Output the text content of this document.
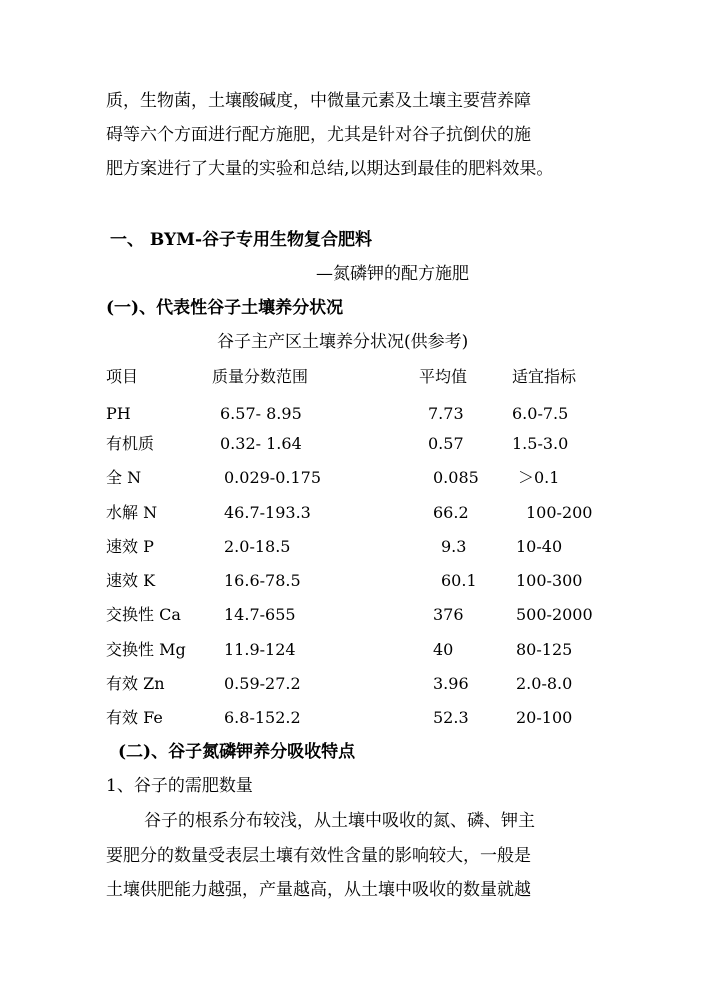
质，生物菌，土壤酸碱度，中微量元素及土壤主要营养障
碍等六个方面进行配方施肥，尤其是针对谷子抗倒伏的施
肥方案进行了大量的实验和总结,以期达到最佳的肥料效果。
一、 BYM-谷子专用生物复合肥料
—氮磷钾的配方施肥
(一)、代表性谷子土壤养分状况
谷子主产区土壤养分状况(供参考)
项目	质量分数范围	平均值	适宜指标
PH	6.57- 8.95	7.73	6.0-7.5
有机质	0.32- 1.64	0.57	1.5-3.0
全 N	0.029-0.175	0.085 ＞0.1
水解 N	46.7-193.3	66.2	100-200
速效 P	2.0-18.5	9.3	10-40
速效 K	16.6-78.5	60.1 100-300
交换性 Ca	14.7-655	376	500-2000
交换性 Mg 11.9-124	40	80-125
有效 Zn	0.59-27.2	3.96	2.0-8.0
有效 Fe	6.8-152.2	52.3	20-100
(二)、谷子氮磷钾养分吸收特点
1、谷子的需肥数量
谷子的根系分布较浅，从土壤中吸收的氮、磷、钾主
要肥分的数量受表层土壤有效性含量的影响较大，一般是
土壤供肥能力越强，产量越高，从土壤中吸收的数量就越
